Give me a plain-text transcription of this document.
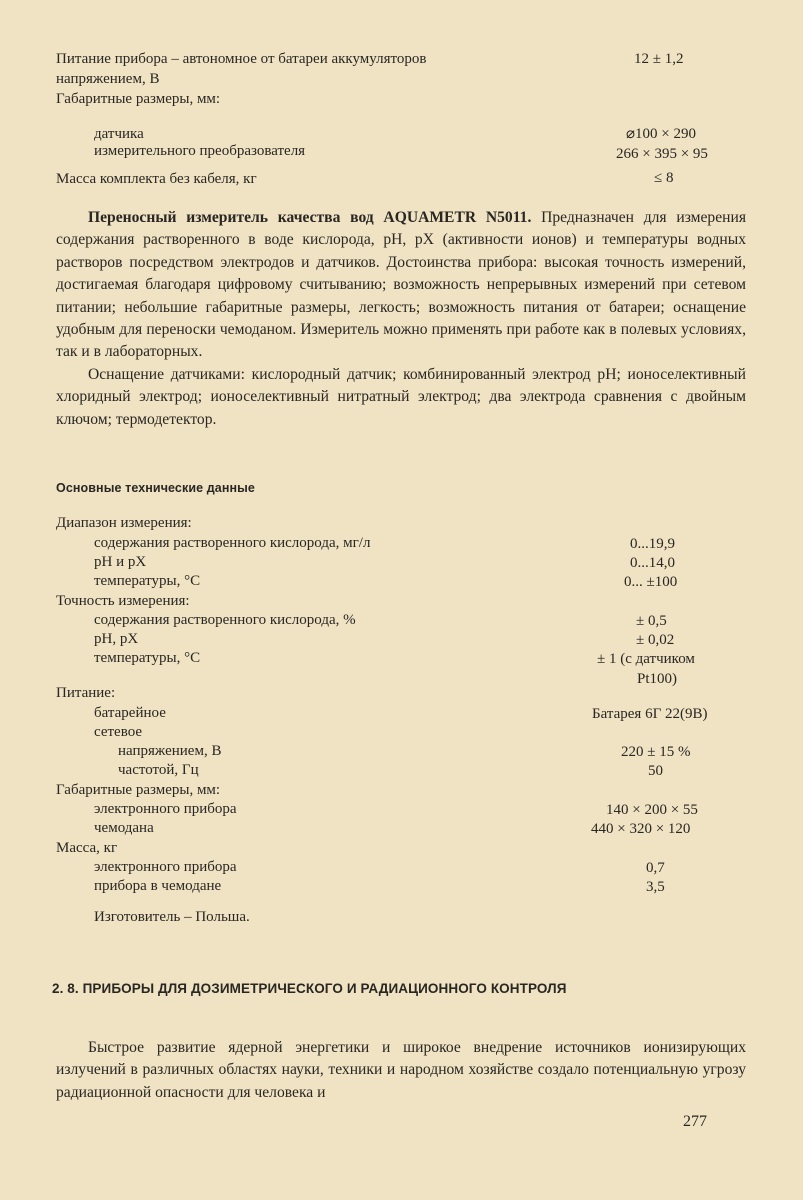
Питание прибора – автономное от батареи аккумуляторов	12 ± 1,2
напряжением, В
Габаритные размеры, мм:
датчика	⌀100 × 290
измерительного преобразователя	266 × 395 × 95
Масса комплекта без кабеля, кг	≤ 8

Переносный измеритель качества вод AQUAMETR N5011. Предназначен для измерения содержания растворенного в воде кислорода, pH, pX (активности ионов) и температуры водных растворов посредством электродов и датчиков. Достоинства прибора: высокая точность измерений, достигаемая благодаря цифровому считыванию; возможность непрерывных измерений при сетевом питании; небольшие габаритные размеры, легкость; возможность питания от батареи; оснащение удобным для переноски чемоданом. Измеритель можно применять при работе как в полевых условиях, так и в лабораторных.

Оснащение датчиками: кислородный датчик; комбинированный электрод pH; ионоселективный хлоридный электрод; ионоселективный нитратный электрод; два электрода сравнения с двойным ключом; термодетектор.

Основные технические данные
Диапазон измерения:
содержания растворенного кислорода, мг/л	0...19,9
pH и pX	0...14,0
температуры, °С	0... ±100
Точность измерения:
содержания растворенного кислорода, %	± 0,5
pH, pX	± 0,02
температуры, °С	± 1 (с датчиком
Pt100)
Питание:
батарейное	Батарея 6Г 22(9В)
сетевое
напряжением, В	220 ± 15 %
частотой, Гц	50
Габаритные размеры, мм:
электронного прибора	140 × 200 × 55
чемодана	440 × 320 × 120
Масса, кг
электронного прибора	0,7
прибора в чемодане	3,5
Изготовитель – Польша.
2. 8. ПРИБОРЫ ДЛЯ ДОЗИМЕТРИЧЕСКОГО И РАДИАЦИОННОГО КОНТРОЛЯ

Быстрое развитие ядерной энергетики и широкое внедрение источников ионизирующих излучений в различных областях науки, техники и народном хозяйстве создало потенциальную угрозу радиационной опасности для человека и

277
